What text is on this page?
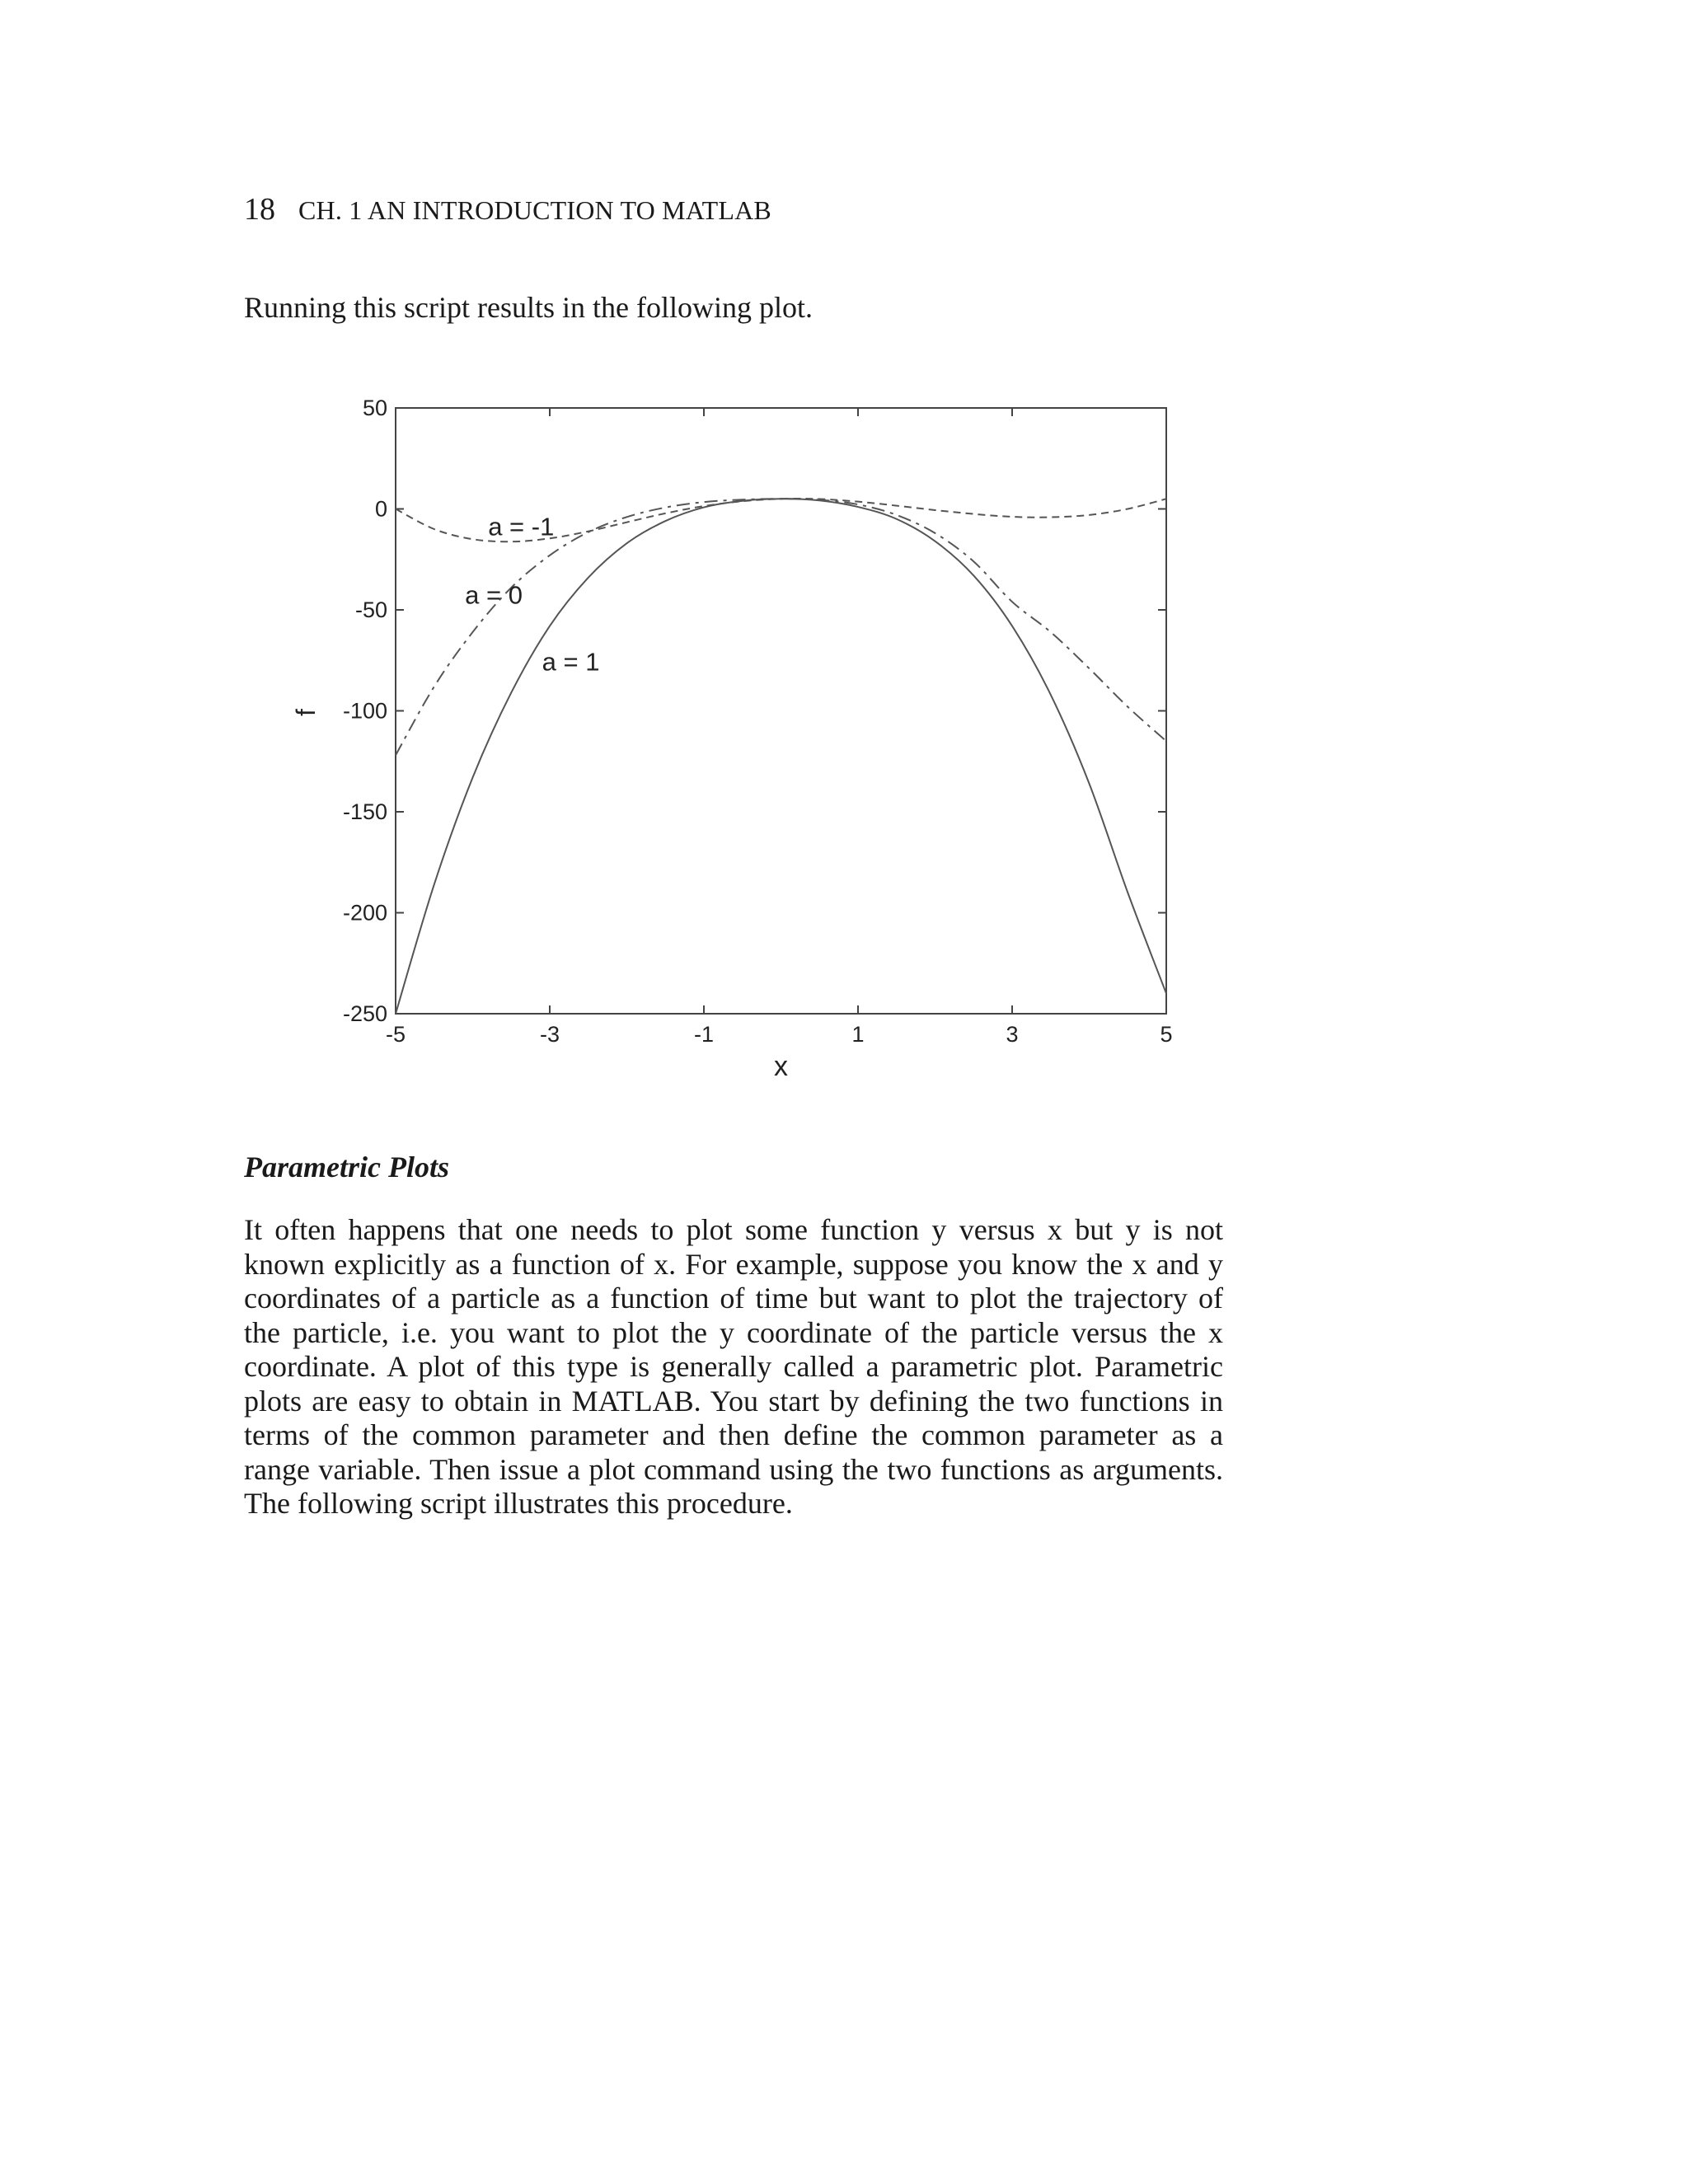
18 CH. 1 AN INTRODUCTION TO MATLAB
Running this script results in the following plot.
-5	-3	-1	1	3	5
50
0
-50
-100
-150
-200
-250
a = -1
a = 0
a = 1
x
f
Parametric Plots
It often happens that one needs to plot some function y versus x but y is not
known explicitly as a function of x. For example, suppose you know the x and y
coordinates of a particle as a function of time but want to plot the trajectory of
the particle, i.e. you want to plot the y coordinate of the particle versus the x
coordinate. A plot of this type is generally called a parametric plot. Parametric
plots are easy to obtain in MATLAB. You start by defining the two functions in
terms of the common parameter and then define the common parameter as a
range variable. Then issue a plot command using the two functions as arguments.
The following script illustrates this procedure.
